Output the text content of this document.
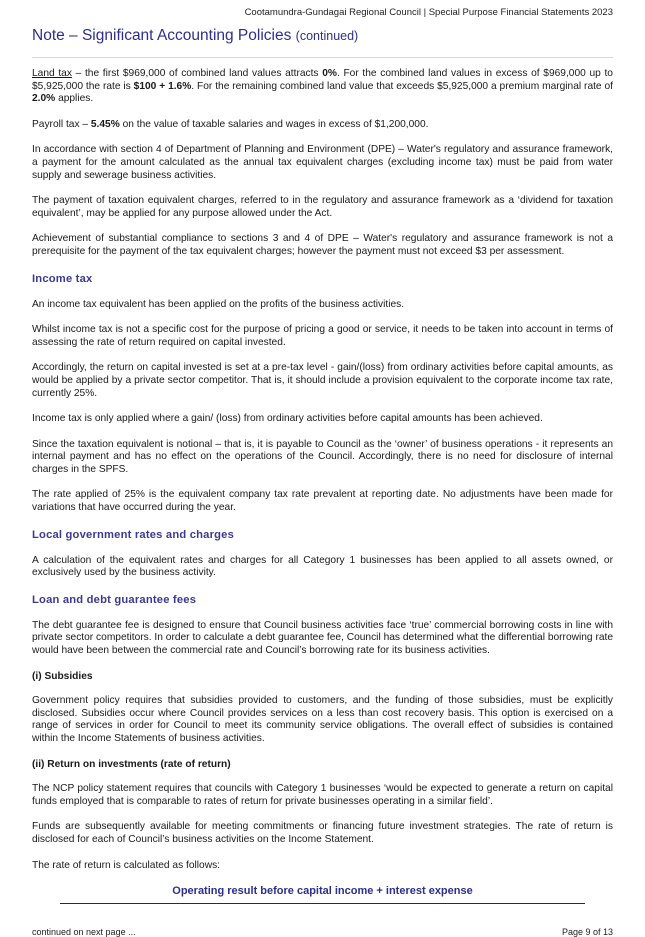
Cootamundra-Gundagai Regional Council | Special Purpose Financial Statements 2023
Note – Significant Accounting Policies (continued)

Land tax – the first $969,000 of combined land values attracts 0%. For the combined land values in excess of $969,000 up to $5,925,000 the rate is $100 + 1.6%. For the remaining combined land value that exceeds $5,925,000 a premium marginal rate of 2.0% applies.

Payroll tax – 5.45% on the value of taxable salaries and wages in excess of $1,200,000.

In accordance with section 4 of Department of Planning and Environment (DPE) – Water's regulatory and assurance framework, a payment for the amount calculated as the annual tax equivalent charges (excluding income tax) must be paid from water supply and sewerage business activities.

The payment of taxation equivalent charges, referred to in the regulatory and assurance framework as a ‘dividend for taxation equivalent’, may be applied for any purpose allowed under the Act.

Achievement of substantial compliance to sections 3 and 4 of DPE – Water's regulatory and assurance framework is not a prerequisite for the payment of the tax equivalent charges; however the payment must not exceed $3 per assessment.

Income tax

An income tax equivalent has been applied on the profits of the business activities.

Whilst income tax is not a specific cost for the purpose of pricing a good or service, it needs to be taken into account in terms of assessing the rate of return required on capital invested.

Accordingly, the return on capital invested is set at a pre-tax level - gain/(loss) from ordinary activities before capital amounts, as would be applied by a private sector competitor. That is, it should include a provision equivalent to the corporate income tax rate, currently 25%.

Income tax is only applied where a gain/ (loss) from ordinary activities before capital amounts has been achieved.

Since the taxation equivalent is notional – that is, it is payable to Council as the ‘owner’ of business operations - it represents an internal payment and has no effect on the operations of the Council. Accordingly, there is no need for disclosure of internal charges in the SPFS.

The rate applied of 25% is the equivalent company tax rate prevalent at reporting date. No adjustments have been made for variations that have occurred during the year.

Local government rates and charges

A calculation of the equivalent rates and charges for all Category 1 businesses has been applied to all assets owned, or exclusively used by the business activity.

Loan and debt guarantee fees

The debt guarantee fee is designed to ensure that Council business activities face ‘true’ commercial borrowing costs in line with private sector competitors. In order to calculate a debt guarantee fee, Council has determined what the differential borrowing rate would have been between the commercial rate and Council’s borrowing rate for its business activities.

(i) Subsidies

Government policy requires that subsidies provided to customers, and the funding of those subsidies, must be explicitly disclosed. Subsidies occur where Council provides services on a less than cost recovery basis. This option is exercised on a range of services in order for Council to meet its community service obligations. The overall effect of subsidies is contained within the Income Statements of business activities.

(ii) Return on investments (rate of return)

The NCP policy statement requires that councils with Category 1 businesses ‘would be expected to generate a return on capital funds employed that is comparable to rates of return for private businesses operating in a similar field’.

Funds are subsequently available for meeting commitments or financing future investment strategies. The rate of return is disclosed for each of Council’s business activities on the Income Statement.

The rate of return is calculated as follows:

Operating result before capital income + interest expense
continued on next page ...	Page 9 of 13
